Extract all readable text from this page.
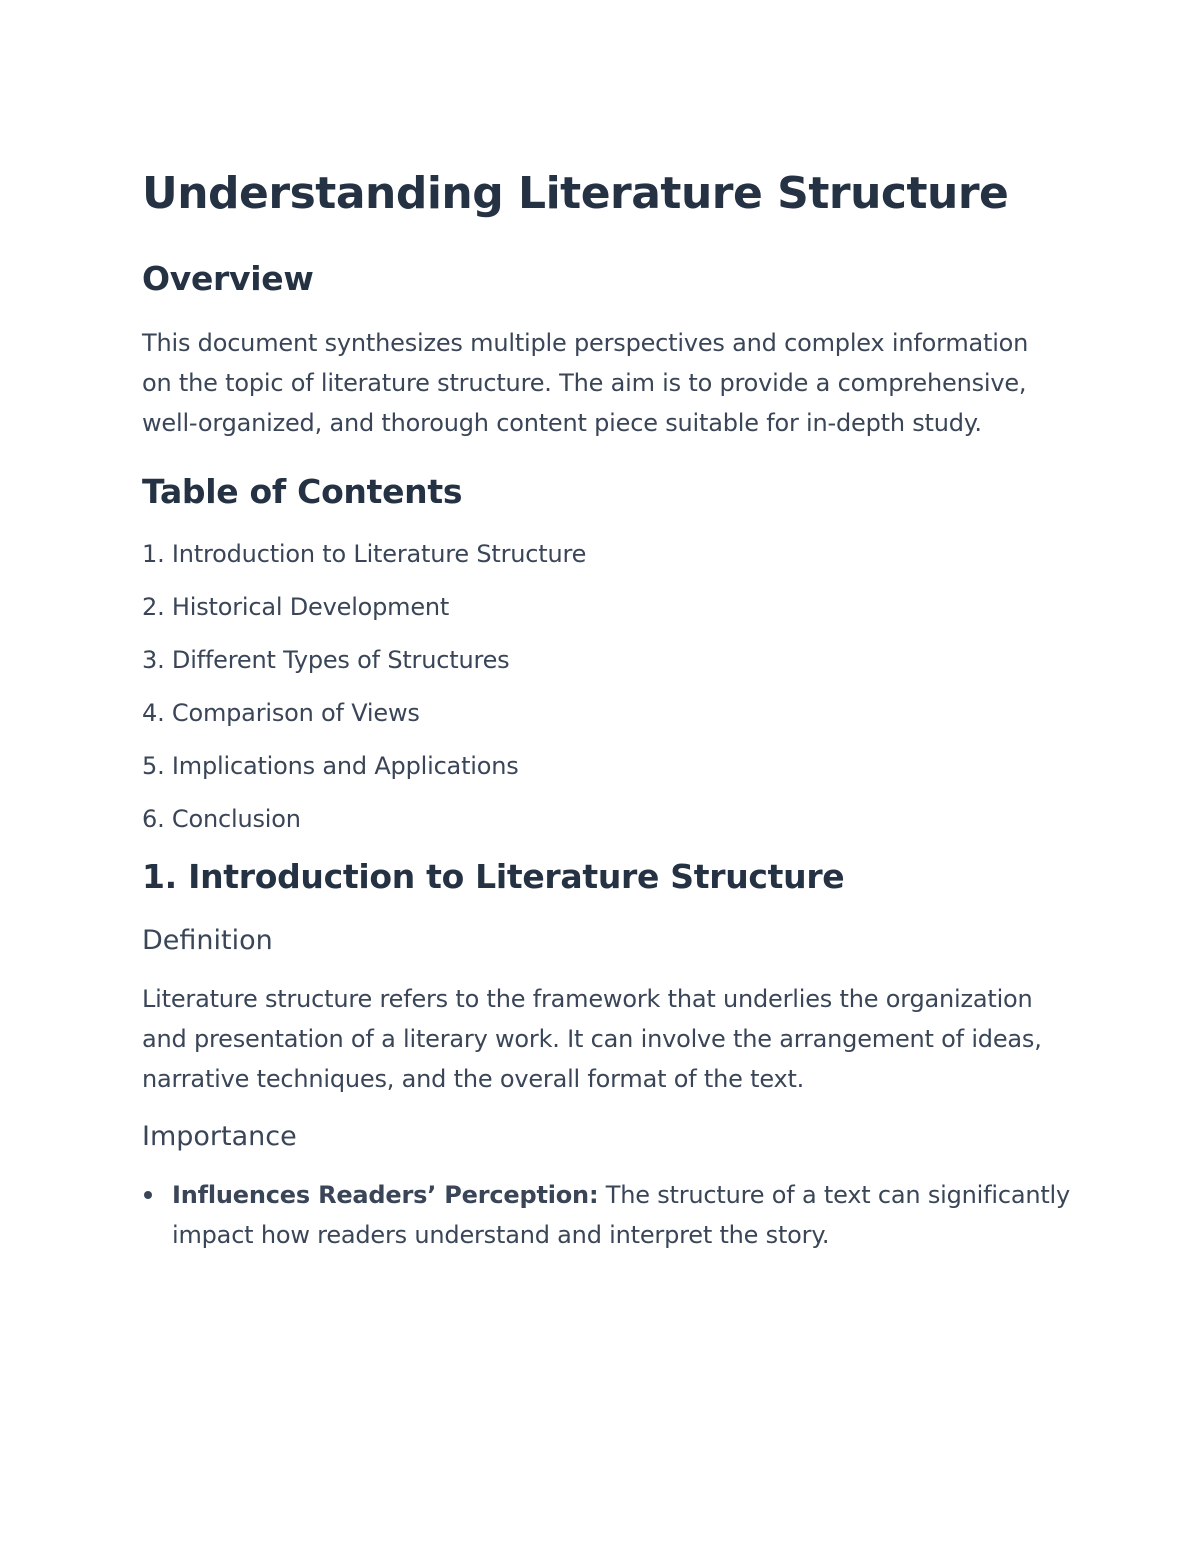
Understanding Literature Structure
Overview

This document synthesizes multiple perspectives and complex information on the topic of literature structure. The aim is to provide a comprehensive, well-organized, and thorough content piece suitable for in-depth study.

Table of Contents
1. Introduction to Literature Structure
2. Historical Development
3. Different Types of Structures
4. Comparison of Views
5. Implications and Applications
6. Conclusion
1. Introduction to Literature Structure
Definition

Literature structure refers to the framework that underlies the organization and presentation of a literary work. It can involve the arrangement of ideas, narrative techniques, and the overall format of the text.

Importance
Influences Readers’ Perception: The structure of a text can significantly impact how readers understand and interpret the story.
